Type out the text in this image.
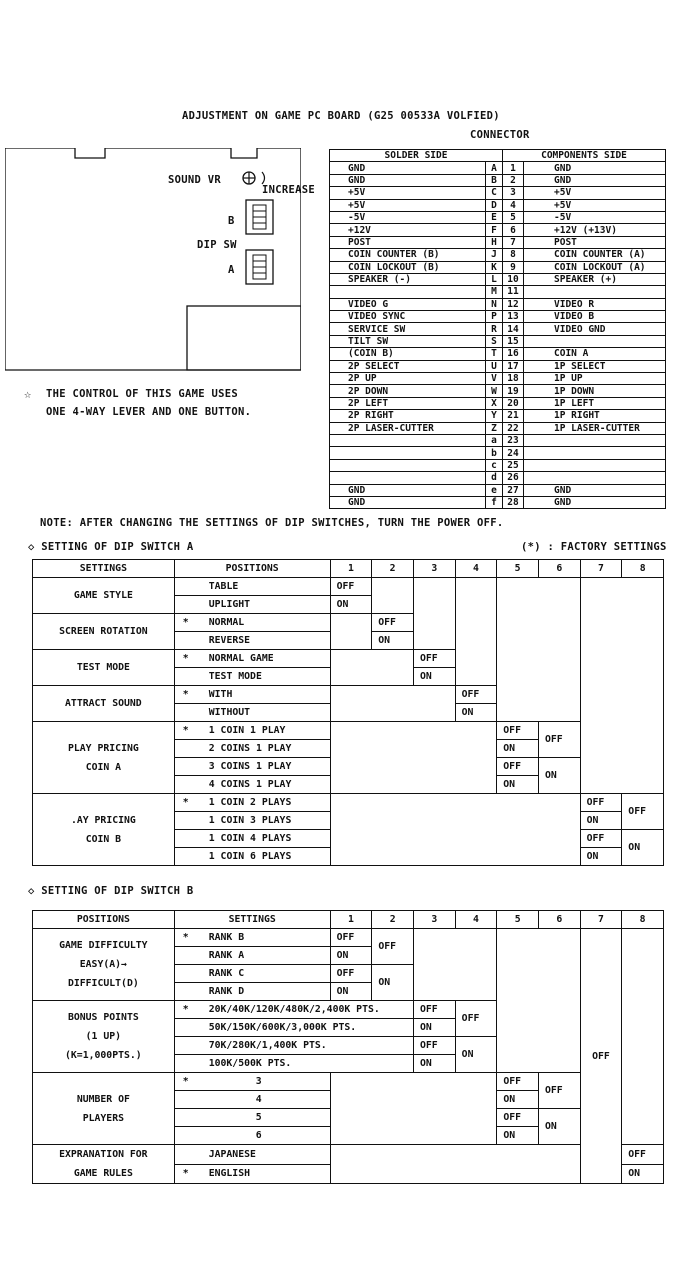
ADJUSTMENT ON GAME PC BOARD (G25 00533A VOLFIED)
CONNECTOR
SOUND VR
INCREASE
B
DIP SW
A
☆ THE CONTROL OF THIS GAME USES
ONE 4-WAY LEVER AND ONE BUTTON.
SOLDER SIDE		COMPONENTS SIDE	
GND	A	1	GND
GND	B	2	GND
+5V	C	3	+5V
+5V	D	4	+5V
-5V	E	5	-5V
+12V	F	6	+12V (+13V)
POST	H	7	POST
COIN COUNTER (B)	J	8	COIN COUNTER (A)
COIN LOCKOUT (B)	K	9	COIN LOCKOUT (A)
SPEAKER (-)	L	10	SPEAKER (+)
	M	11	
VIDEO G	N	12	VIDEO R
VIDEO SYNC	P	13	VIDEO B
SERVICE SW	R	14	VIDEO GND
TILT SW	S	15	
(COIN B)	T	16	COIN A
2P SELECT	U	17	1P SELECT
2P UP	V	18	1P UP
2P DOWN	W	19	1P DOWN
2P LEFT	X	20	1P LEFT
2P RIGHT	Y	21	1P RIGHT
2P LASER-CUTTER	Z	22	1P LASER-CUTTER
	a	23	
	b	24	
	c	25	
	d	26	
GND	e	27	GND
GND	f	28	GND
NOTE: AFTER CHANGING THE SETTINGS OF DIP SWITCHES, TURN THE POWER OFF.
◇ SETTING OF DIP SWITCH A	(*) : FACTORY SETTINGS
SETTINGS	POSITIONS	1	2	3	4	5	6	7	8
GAME STYLE	TABLE	OFF							
	UPLIGHT	ON							
SCREEN ROTATION	* NORMAL		OFF						
	REVERSE		ON						
TEST MODE	* NORMAL GAME			OFF					
	TEST MODE			ON					
ATTRACT SOUND	* WITH				OFF				
	WITHOUT				ON				

PLAY PRICING
COIN A	* 1 COIN 1 PLAY					OFF	OFF		
	2 COINS 1 PLAY					ON			
	3 COINS 1 PLAY					OFF	ON		
	4 COINS 1 PLAY					ON			

.AY PRICING
COIN B	* 1 COIN 2 PLAYS							OFF	OFF
	1 COIN 3 PLAYS							ON	
	1 COIN 4 PLAYS							OFF	ON
	1 COIN 6 PLAYS							ON	
◇ SETTING OF DIP SWITCH B
POSITIONS	SETTINGS	1	2	3	4	5	6	7	8

GAME DIFFICULTY
EASY(A)→
DIFFICULT(D)	* RANK B	OFF	OFF					OFF	
	RANK A	ON							
	RANK C	OFF	ON						
	RANK D	ON							

BONUS POINTS
(1 UP)
(K=1,000PTS.)	* 20K/40K/120K/480K/2,400K PTS.			OFF	OFF				
	50K/150K/600K/3,000K PTS.			ON					
	70K/280K/1,400K PTS.			OFF	ON				
	100K/500K PTS.			ON					

NUMBER OF
PLAYERS	* 3					OFF	OFF		
	4					ON			
	5					OFF	ON		
	6					ON			

EXPRANATION FOR
GAME RULES	JAPANESE								OFF
	* ENGLISH								ON
